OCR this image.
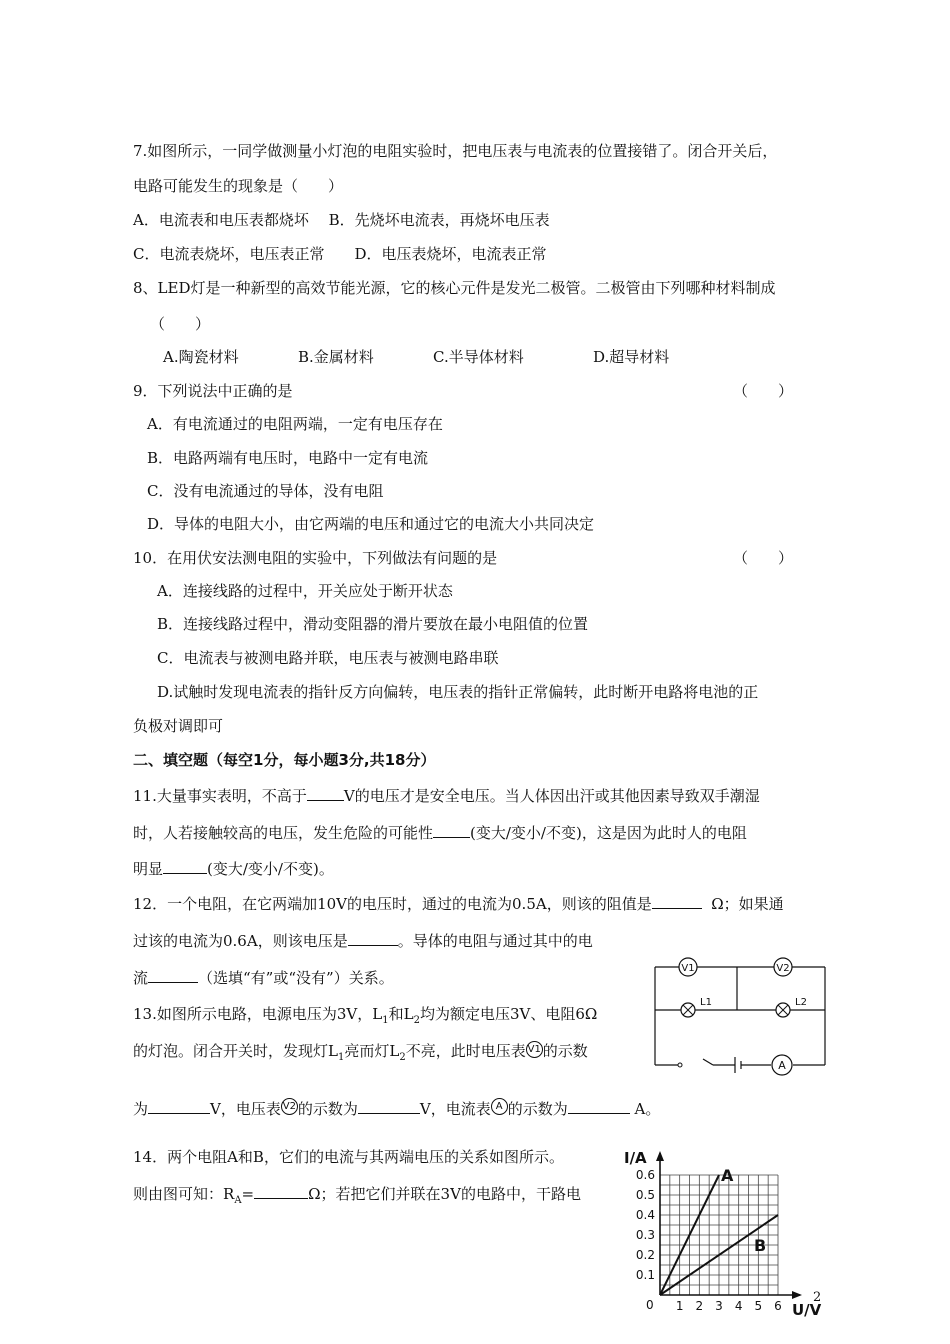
7.如图所示，一同学做测量小灯泡的电阻实验时，把电压表与电流表的位置接错了。闭合开关后，
电路可能发生的现象是（　　）
A．电流表和电压表都烧坏　 B．先烧坏电流表，再烧坏电压表
C．电流表烧坏，电压表正常　　D．电压表烧坏，电流表正常
8、LED灯是一种新型的高效节能光源，它的核心元件是发光二极管。二极管由下列哪种材料制成
（　　）
A.陶瓷材料	B.金属材料	C.半导体材料	D.超导材料
9．下列说法中正确的是	（　　）
A．有电流通过的电阻两端，一定有电压存在
B．电路两端有电压时，电路中一定有电流
C．没有电流通过的导体，没有电阻
D．导体的电阻大小，由它两端的电压和通过它的电流大小共同决定
10．在用伏安法测电阻的实验中，下列做法有问题的是	（　　）
A．连接线路的过程中，开关应处于断开状态
B．连接线路过程中，滑动变阻器的滑片要放在最小电阻值的位置
C．电流表与被测电路并联，电压表与被测电路串联
D.试触时发现电流表的指针反方向偏转，电压表的指针正常偏转，此时断开电路将电池的正
负极对调即可
二、填空题（每空1分，每小题3分,共18分）
11.大量事实表明，不高于 V的电压才是安全电压。当人体因出汗或其他因素导致双手潮湿
时，人若接触较高的电压，发生危险的可能性 (变大/变小/不变)，这是因为此时人的电阻
明显	(变大/变小/不变)。
12．一个电阻，在它两端加10V的电压时，通过的电流为0.5A，则该的阻值是	Ω；如果通
过该的电流为0.6A，则该电压是	。导体的电阻与通过其中的电
流	（选填“有”或“没有”）关系。
V1	V2
L1	L2
A
13.如图所示电路，电源电压为3V，$L_1$和$L_2$均为额定电压3V、电阻6Ω
的灯泡。闭合开关时，发现灯$L_1$亮而灯$L_2$不亮，此时电压表 V1 的示数
为	V，电压表 V2 的示数为	V，电流表 A 的示数为	A。
14．两个电阻A和B，它们的电流与其两端电压的关系如图所示。
则由图可知：$R_A=$	Ω；若把它们并联在3V的电路中，干路电
1 2 3 4 5 6
0.1
0.2
0.3
0.4
0.5
0.6	A
B
I/A
U/V
0	2
